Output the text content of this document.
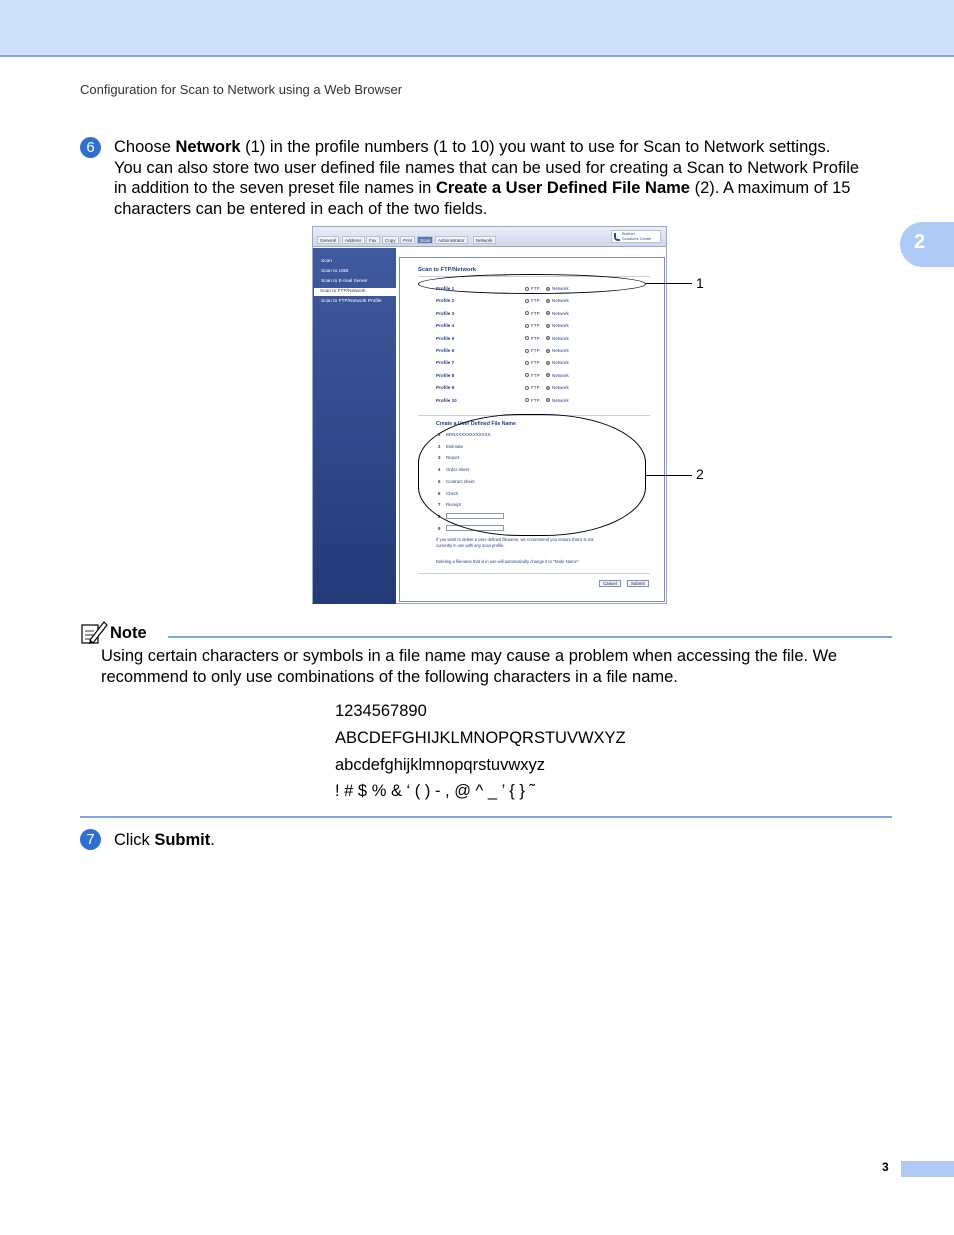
Configuration for Scan to Network using a Web Browser
2
6	Choose Network (1) in the profile numbers (1 to 10) you want to use for Scan to Network settings.
You can also store two user defined file names that can be used for creating a Scan to Network Profile
in addition to the seven preset file names in Create a User Defined File Name (2). A maximum of 15
characters can be entered in each of the two fields.
General	Address	Fax	Copy	Print	Scan	Administrator	Network
Brother
Solutions Center
Scan
Scan to USB
Scan to E-mail Server
Scan to FTP/Network
Scan to FTP/Network Profile
Scan to FTP/Network
Profile 1	FTP	Network
Profile 2	FTP	Network
Profile 3	FTP	Network
Profile 4	FTP	Network
Profile 5	FTP	Network
Profile 6	FTP	Network
Profile 7	FTP	Network
Profile 8	FTP	Network
Profile 9	FTP	Network
Profile 10	FTP	Network
Create a User Defined File Name
1 BRNXXXXXXXXXXXX
2 Estimate
3 Report
4 Order sheet
5 Contract sheet
6 Check
7 Receipt
8
9
If you want to delete a user defined filename, we recommend you ensure that it is not
currently in use with any scan profile.
Deleting a filename that is in use will automatically change it to "Node Name".
Cancel	Submit
1
2
Note
Using certain characters or symbols in a file name may cause a problem when accessing the file. We
recommend to only use combinations of the following characters in a file name.
1234567890
ABCDEFGHIJKLMNOPQRSTUVWXYZ
abcdefghijklmnopqrstuvwxyz
! # $ % & ‘ ( ) - , @ ^ _ ’ { } ˜
7	Click Submit.
3
